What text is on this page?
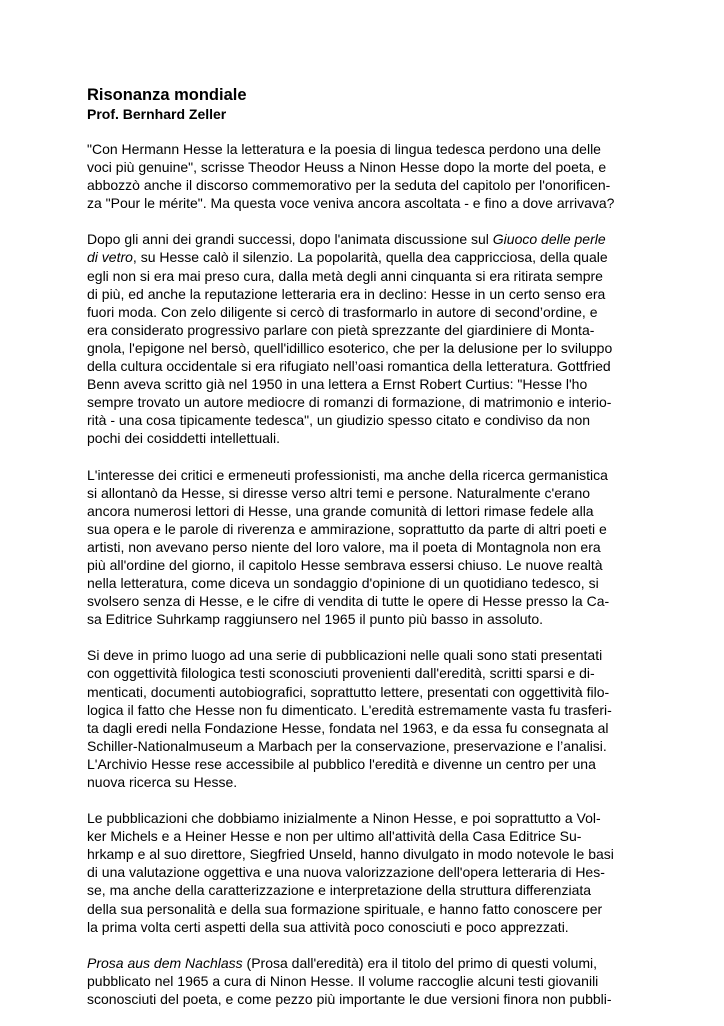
Risonanza mondiale
Prof. Bernhard Zeller
"Con Hermann Hesse la letteratura e la poesia di lingua tedesca perdono una delle
voci più genuine", scrisse Theodor Heuss a Ninon Hesse dopo la morte del poeta, e
abbozzò anche il discorso commemorativo per la seduta del capitolo per l'onorificen-
za "Pour le mérite". Ma questa voce veniva ancora ascoltata - e fino a dove arrivava?
Dopo gli anni dei grandi successi, dopo l'animata discussione sul Giuoco delle perle
di vetro, su Hesse calò il silenzio. La popolarità, quella dea cappricciosa, della quale
egli non si era mai preso cura, dalla metà degli anni cinquanta si era ritirata sempre
di più, ed anche la reputazione letteraria era in declino: Hesse in un certo senso era
fuori moda. Con zelo diligente si cercò di trasformarlo in autore di second’ordine, e
era considerato progressivo parlare con pietà sprezzante del giardiniere di Monta-
gnola, l'epigone nel bersò, quell'idillico esoterico, che per la delusione per lo sviluppo
della cultura occidentale si era rifugiato nell’oasi romantica della letteratura. Gottfried
Benn aveva scritto già nel 1950 in una lettera a Ernst Robert Curtius: "Hesse l'ho
sempre trovato un autore mediocre di romanzi di formazione, di matrimonio e interio-
rità - una cosa tipicamente tedesca", un giudizio spesso citato e condiviso da non
pochi dei cosiddetti intellettuali.
L'interesse dei critici e ermeneuti professionisti, ma anche della ricerca germanistica
si allontanò da Hesse, si diresse verso altri temi e persone. Naturalmente c'erano
ancora numerosi lettori di Hesse, una grande comunità di lettori rimase fedele alla
sua opera e le parole di riverenza e ammirazione, soprattutto da parte di altri poeti e
artisti, non avevano perso niente del loro valore, ma il poeta di Montagnola non era
più all'ordine del giorno, il capitolo Hesse sembrava essersi chiuso. Le nuove realtà
nella letteratura, come diceva un sondaggio d'opinione di un quotidiano tedesco, si
svolsero senza di Hesse, e le cifre di vendita di tutte le opere di Hesse presso la Ca-
sa Editrice Suhrkamp raggiunsero nel 1965 il punto più basso in assoluto.
Si deve in primo luogo ad una serie di pubblicazioni nelle quali sono stati presentati
con oggettività filologica testi sconosciuti provenienti dall'eredità, scritti sparsi e di-
menticati, documenti autobiografici, soprattutto lettere, presentati con oggettività filo-
logica il fatto che Hesse non fu dimenticato. L'eredità estremamente vasta fu trasferi-
ta dagli eredi nella Fondazione Hesse, fondata nel 1963, e da essa fu consegnata al
Schiller-Nationalmuseum a Marbach per la conservazione, preservazione e l’analisi.
L'Archivio Hesse rese accessibile al pubblico l'eredità e divenne un centro per una
nuova ricerca su Hesse.
Le pubblicazioni che dobbiamo inizialmente a Ninon Hesse, e poi soprattutto a Vol-
ker Michels e a Heiner Hesse e non per ultimo all'attività della Casa Editrice Su-
hrkamp e al suo direttore, Siegfried Unseld, hanno divulgato in modo notevole le basi
di una valutazione oggettiva e una nuova valorizzazione dell'opera letteraria di Hes-
se, ma anche della caratterizzazione e interpretazione della struttura differenziata
della sua personalità e della sua formazione spirituale, e hanno fatto conoscere per
la prima volta certi aspetti della sua attività poco conosciuti e poco apprezzati.
Prosa aus dem Nachlass (Prosa dall'eredità) era il titolo del primo di questi volumi,
pubblicato nel 1965 a cura di Ninon Hesse. Il volume raccoglie alcuni testi giovanili
sconosciuti del poeta, e come pezzo più importante le due versioni finora non pubbli-
